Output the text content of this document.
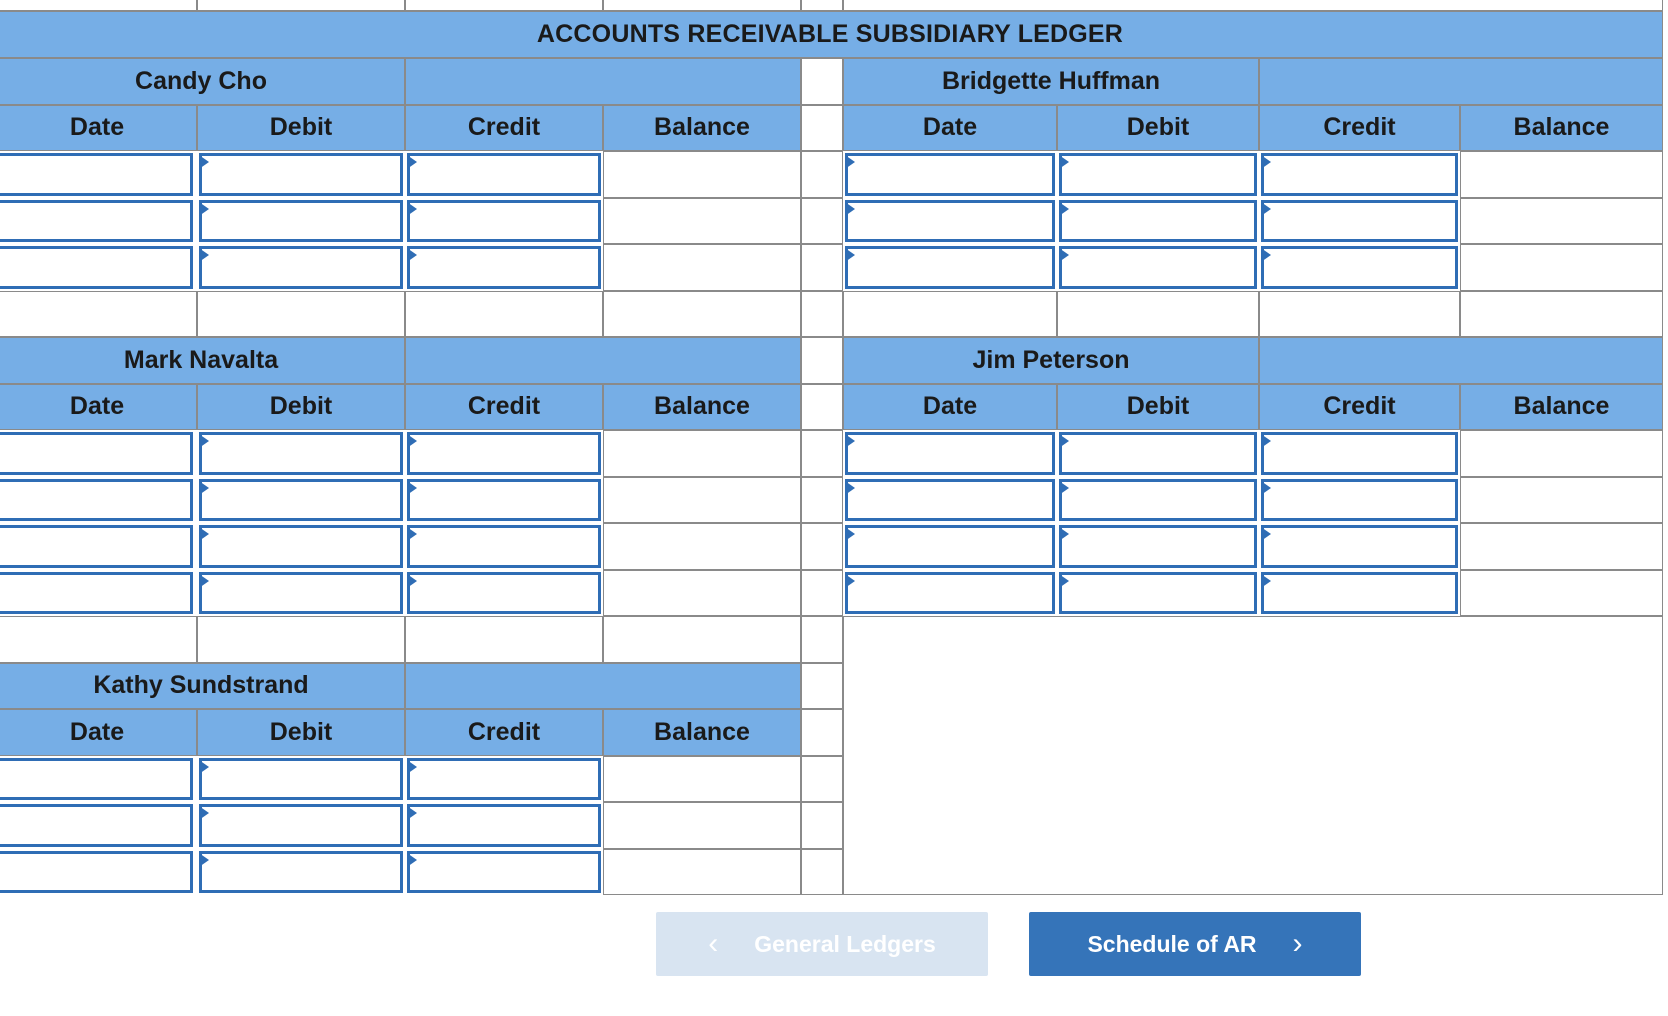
ACCOUNTS RECEIVABLE SUBSIDIARY LEDGER
Candy Cho
Date	Debit	Credit	Balance
Bridgette Huffman
Date	Debit	Credit	Balance
Mark Navalta
Date	Debit	Credit	Balance
Jim Peterson
Date	Debit	Credit	Balance
Kathy Sundstrand
Date	Debit	Credit	Balance
‹ General Ledgers	Schedule of AR ›
